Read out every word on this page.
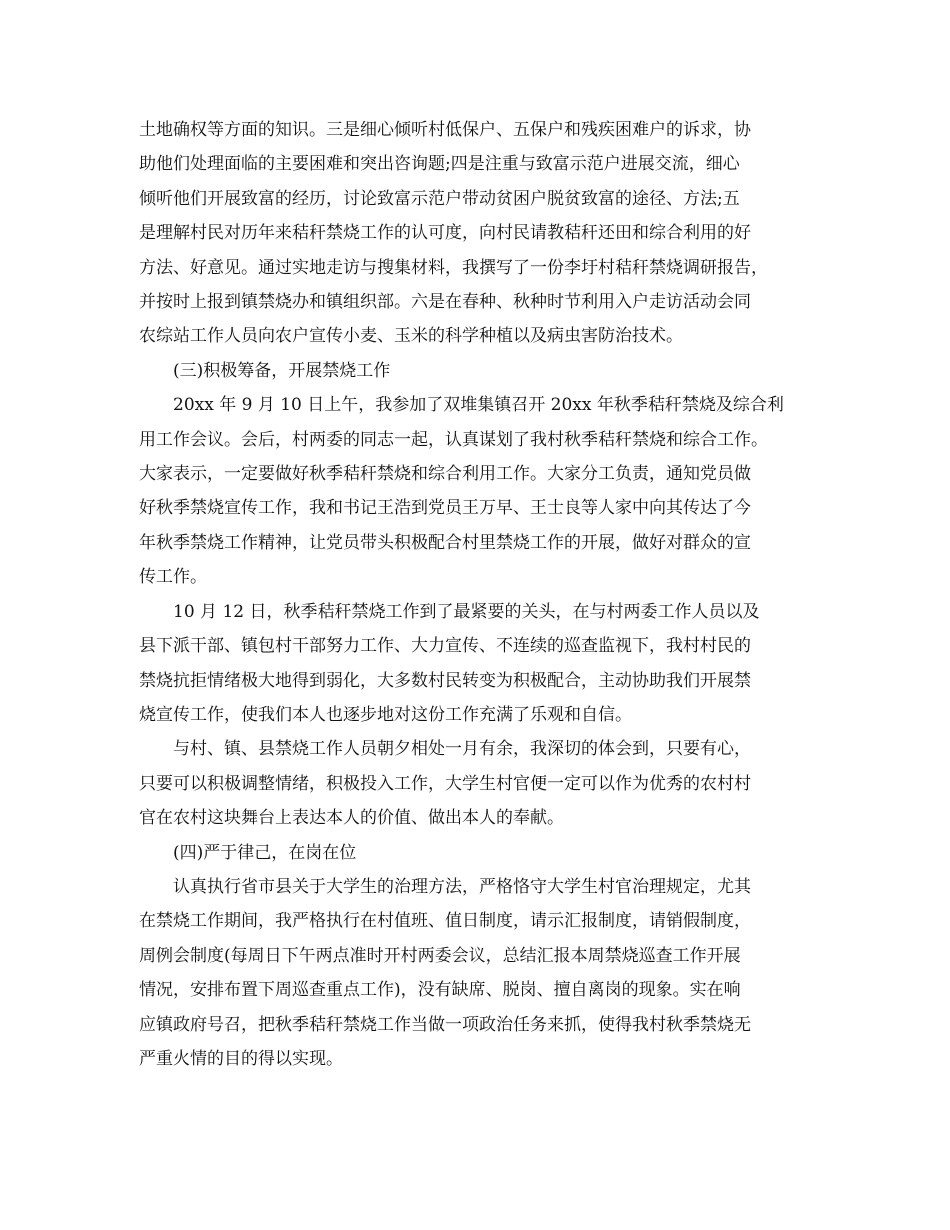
土地确权等方面的知识。三是细心倾听村低保户、五保户和残疾困难户的诉求，协
助他们处理面临的主要困难和突出咨询题;四是注重与致富示范户进展交流，细心
倾听他们开展致富的经历，讨论致富示范户带动贫困户脱贫致富的途径、方法;五
是理解村民对历年来秸秆禁烧工作的认可度，向村民请教秸秆还田和综合利用的好
方法、好意见。通过实地走访与搜集材料，我撰写了一份李圩村秸秆禁烧调研报告，
并按时上报到镇禁烧办和镇组织部。六是在春种、秋种时节利用入户走访活动会同
农综站工作人员向农户宣传小麦、玉米的科学种植以及病虫害防治技术。
(三)积极筹备，开展禁烧工作
20xx 年 9 月 10 日上午，我参加了双堆集镇召开 20xx 年秋季秸秆禁烧及综合利
用工作会议。会后，村两委的同志一起，认真谋划了我村秋季秸秆禁烧和综合工作。
大家表示，一定要做好秋季秸秆禁烧和综合利用工作。大家分工负责，通知党员做
好秋季禁烧宣传工作，我和书记王浩到党员王万早、王士良等人家中向其传达了今
年秋季禁烧工作精神，让党员带头积极配合村里禁烧工作的开展，做好对群众的宣
传工作。
10 月 12 日，秋季秸秆禁烧工作到了最紧要的关头，在与村两委工作人员以及
县下派干部、镇包村干部努力工作、大力宣传、不连续的巡查监视下，我村村民的
禁烧抗拒情绪极大地得到弱化，大多数村民转变为积极配合，主动协助我们开展禁
烧宣传工作，使我们本人也逐步地对这份工作充满了乐观和自信。
与村、镇、县禁烧工作人员朝夕相处一月有余，我深切的体会到，只要有心，
只要可以积极调整情绪，积极投入工作，大学生村官便一定可以作为优秀的农村村
官在农村这块舞台上表达本人的价值、做出本人的奉献。
(四)严于律己，在岗在位
认真执行省市县关于大学生的治理方法，严格恪守大学生村官治理规定，尤其
在禁烧工作期间，我严格执行在村值班、值日制度，请示汇报制度，请销假制度，
周例会制度(每周日下午两点准时开村两委会议，总结汇报本周禁烧巡查工作开展
情况，安排布置下周巡查重点工作)，没有缺席、脱岗、擅自离岗的现象。实在响
应镇政府号召，把秋季秸秆禁烧工作当做一项政治任务来抓，使得我村秋季禁烧无
严重火情的目的得以实现。
